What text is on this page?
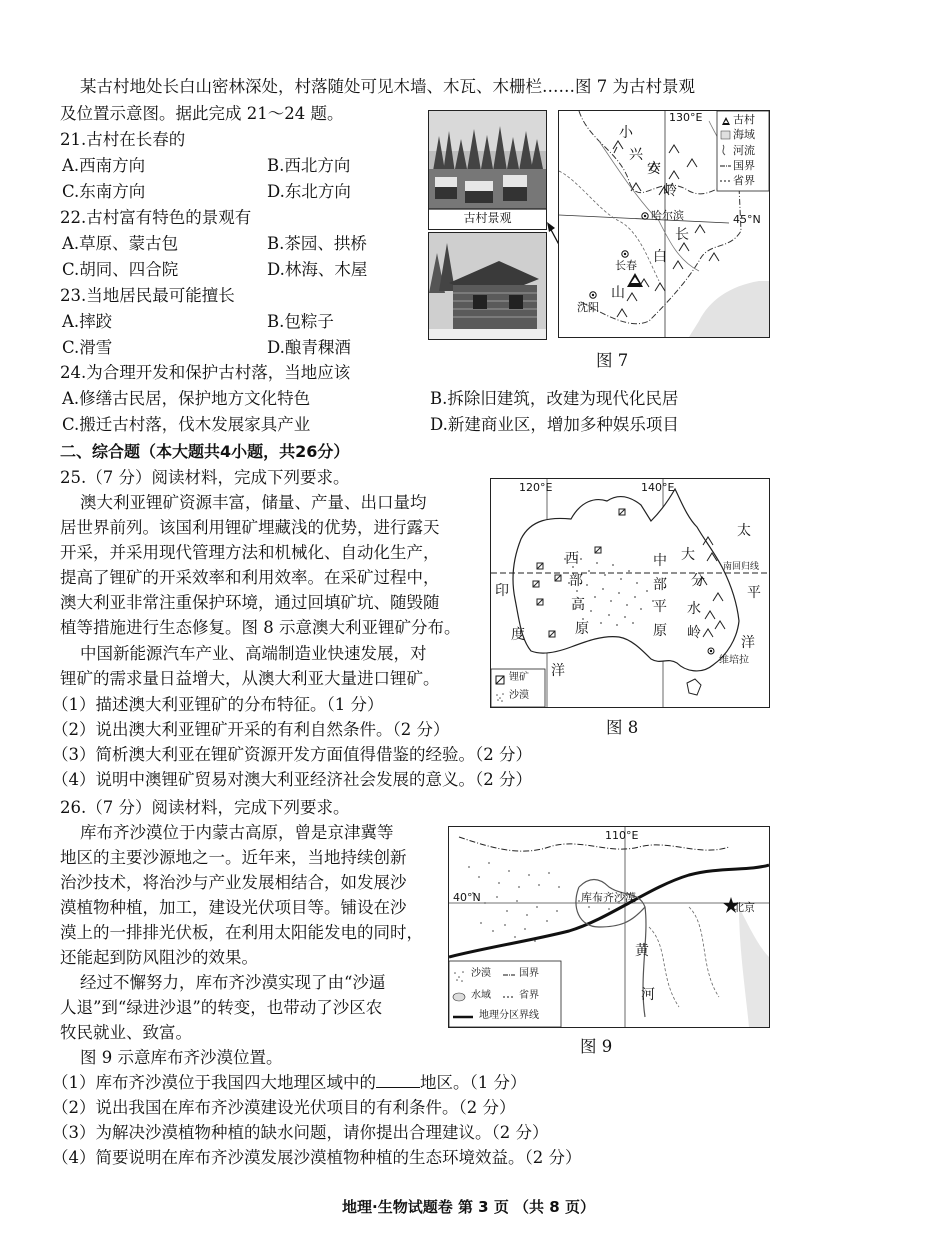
某古村地处长白山密林深处，村落随处可见木墙、木瓦、木栅栏……图 7 为古村景观
及位置示意图。据此完成 21～24 题。
21.古村在长春的
A.西南方向	B.西北方向
C.东南方向	D.东北方向
22.古村富有特色的景观有
A.草原、蒙古包	B.茶园、拱桥
C.胡同、四合院	D.林海、木屋
23.当地居民最可能擅长
A.摔跤	B.包粽子
C.滑雪	D.酿青稞酒
24.为合理开发和保护古村落，当地应该
A.修缮古民居，保护地方文化特色	B.拆除旧建筑，改建为现代化民居
C.搬迁古村落，伐木发展家具产业	D.新建商业区，增加多种娱乐项目
古村景观
130°E
45°N
小
兴
安
岭
长
白
山
哈尔滨
长春
沈阳
古村
海域
河流
国界
省界
图 7
二、综合题（本大题共4小题，共26分）
25.（7 分）阅读材料，完成下列要求。
澳大利亚锂矿资源丰富，储量、产量、出口量均
居世界前列。该国利用锂矿埋藏浅的优势，进行露天
开采，并采用现代管理方法和机械化、自动化生产，
提高了锂矿的开采效率和利用效率。在采矿过程中，
澳大利亚非常注重保护环境，通过回填矿坑、随毁随
植等措施进行生态修复。图 8 示意澳大利亚锂矿分布。
中国新能源汽车产业、高端制造业快速发展，对
锂矿的需求量日益增大，从澳大利亚大量进口锂矿。
（1）描述澳大利亚锂矿的分布特征。（1 分）
（2）说出澳大利亚锂矿开采的有利自然条件。（2 分）
（3）简析澳大利亚在锂矿资源开发方面值得借鉴的经验。（2 分）
（4）说明中澳锂矿贸易对澳大利亚经济社会发展的意义。（2 分）
120°E	140°E
西
部
高
原
中
部
平
原
大
分
水
岭
印
度
洋
太
平
洋
南回归线
维培拉
锂矿
沙漠
图 8
26.（7 分）阅读材料，完成下列要求。
库布齐沙漠位于内蒙古高原，曾是京津冀等
地区的主要沙源地之一。近年来，当地持续创新
治沙技术，将治沙与产业发展相结合，如发展沙
漠植物种植，加工，建设光伏项目等。铺设在沙
漠上的一排排光伏板，在利用太阳能发电的同时，
还能起到防风阻沙的效果。
经过不懈努力，库布齐沙漠实现了由“沙逼
人退”到“绿进沙退”的转变，也带动了沙区农
牧民就业、致富。
图 9 示意库布齐沙漠位置。
（1）库布齐沙漠位于我国四大地理区域中的	地区。（1 分）
（2）说出我国在库布齐沙漠建设光伏项目的有利条件。（2 分）
（3）为解决沙漠植物种植的缺水问题，请你提出合理建议。（2 分）
（4）简要说明在库布齐沙漠发展沙漠植物种植的生态环境效益。（2 分）
110°E
40°N	库布齐沙漠
北京
黄
河
沙漠	国界
水域	省界
地理分区界线
图 9
地理·生物试题卷 第 3 页 （共 8 页）
